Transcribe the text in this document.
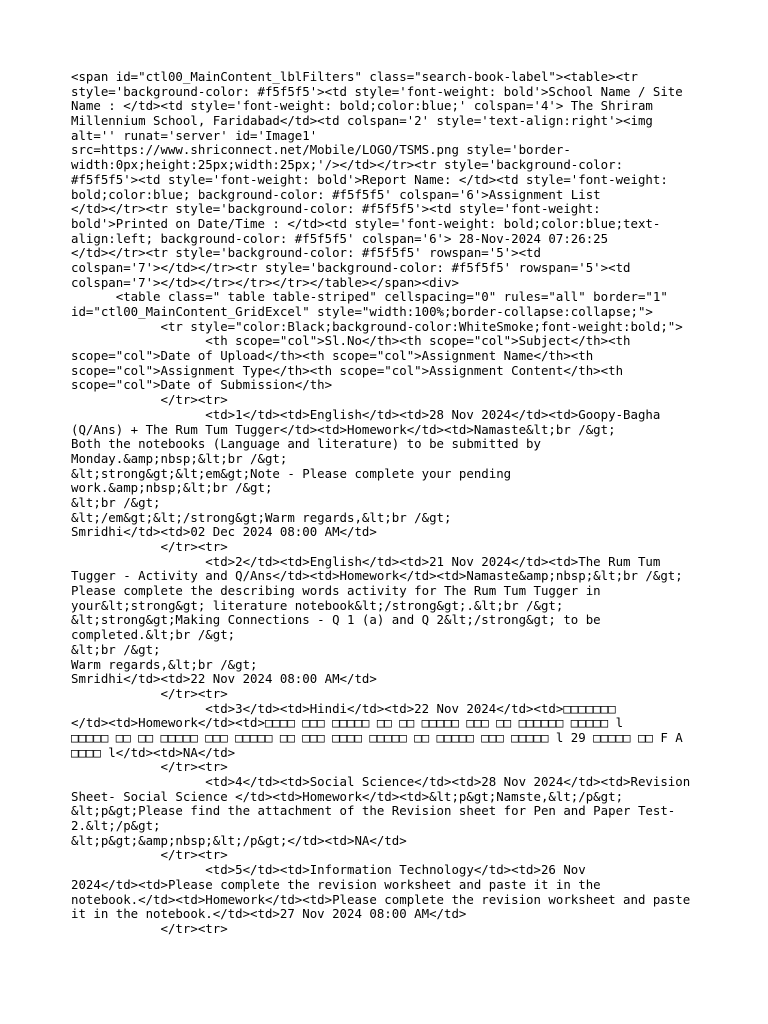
<span id="ctl00_MainContent_lblFilters" class="search-book-label"><table><tr
style='background-color: #f5f5f5'><td style='font-weight: bold'>School Name / Site
Name : </td><td style='font-weight: bold;color:blue;' colspan='4'> The Shriram
Millennium School, Faridabad</td><td colspan='2' style='text-align:right'><img
alt='' runat='server' id='Image1'
src=https://www.shriconnect.net/Mobile/LOGO/TSMS.png style='border-
width:0px;height:25px;width:25px;'/></td></tr><tr style='background-color:
#f5f5f5'><td style='font-weight: bold'>Report Name: </td><td style='font-weight:
bold;color:blue; background-color: #f5f5f5' colspan='6'>Assignment List
</td></tr><tr style='background-color: #f5f5f5'><td style='font-weight:
bold'>Printed on Date/Time : </td><td style='font-weight: bold;color:blue;text-
align:left; background-color: #f5f5f5' colspan='6'> 28-Nov-2024 07:26:25
</td></tr><tr style='background-color: #f5f5f5' rowspan='5'><td
colspan='7'></td></tr><tr style='background-color: #f5f5f5' rowspan='5'><td
colspan='7'></td></tr></tr></tr></table></span><div>
<table class=" table table-striped" cellspacing="0" rules="all" border="1"
id="ctl00_MainContent_GridExcel" style="width:100%;border-collapse:collapse;">
<tr style="color:Black;background-color:WhiteSmoke;font-weight:bold;">
<th scope="col">Sl.No</th><th scope="col">Subject</th><th
scope="col">Date of Upload</th><th scope="col">Assignment Name</th><th
scope="col">Assignment Type</th><th scope="col">Assignment Content</th><th
scope="col">Date of Submission</th>
</tr><tr>
<td>1</td><td>English</td><td>28 Nov 2024</td><td>Goopy-Bagha
(Q/Ans) + The Rum Tum Tugger</td><td>Homework</td><td>Namaste&lt;br /&gt;
Both the notebooks (Language and literature) to be submitted by
Monday.&amp;nbsp;&lt;br /&gt;
&lt;strong&gt;&lt;em&gt;Note - Please complete your pending
work.&amp;nbsp;&lt;br /&gt;
&lt;br /&gt;
&lt;/em&gt;&lt;/strong&gt;Warm regards,&lt;br /&gt;
Smridhi</td><td>02 Dec 2024 08:00 AM</td>
</tr><tr>
<td>2</td><td>English</td><td>21 Nov 2024</td><td>The Rum Tum
Tugger - Activity and Q/Ans</td><td>Homework</td><td>Namaste&amp;nbsp;&lt;br /&gt;
Please complete the describing words activity for The Rum Tum Tugger in
your&lt;strong&gt; literature notebook&lt;/strong&gt;.&lt;br /&gt;
&lt;strong&gt;Making Connections - Q 1 (a) and Q 2&lt;/strong&gt; to be
completed.&lt;br /&gt;
&lt;br /&gt;
Warm regards,&lt;br /&gt;
Smridhi</td><td>22 Nov 2024 08:00 AM</td>
</tr><tr>
<td>3</td><td>Hindi</td><td>22 Nov 2024</td><td>□□□□□□□
</td><td>Homework</td><td>□□□□ □□□ □□□□□ □□ □□ □□□□□ □□□ □□ □□□□□□ □□□□□ l
□□□□□ □□ □□ □□□□□ □□□ □□□□□ □□ □□□ □□□□ □□□□□ □□ □□□□□ □□□ □□□□□ l 29 □□□□□ □□ F A
□□□□ l</td><td>NA</td>
</tr><tr>
<td>4</td><td>Social Science</td><td>28 Nov 2024</td><td>Revision
Sheet- Social Science </td><td>Homework</td><td>&lt;p&gt;Namste,&lt;/p&gt;
&lt;p&gt;Please find the attachment of the Revision sheet for Pen and Paper Test-
2.&lt;/p&gt;
&lt;p&gt;&amp;nbsp;&lt;/p&gt;</td><td>NA</td>
</tr><tr>
<td>5</td><td>Information Technology</td><td>26 Nov
2024</td><td>Please complete the revision worksheet and paste it in the
notebook.</td><td>Homework</td><td>Please complete the revision worksheet and paste
it in the notebook.</td><td>27 Nov 2024 08:00 AM</td>
</tr><tr>
